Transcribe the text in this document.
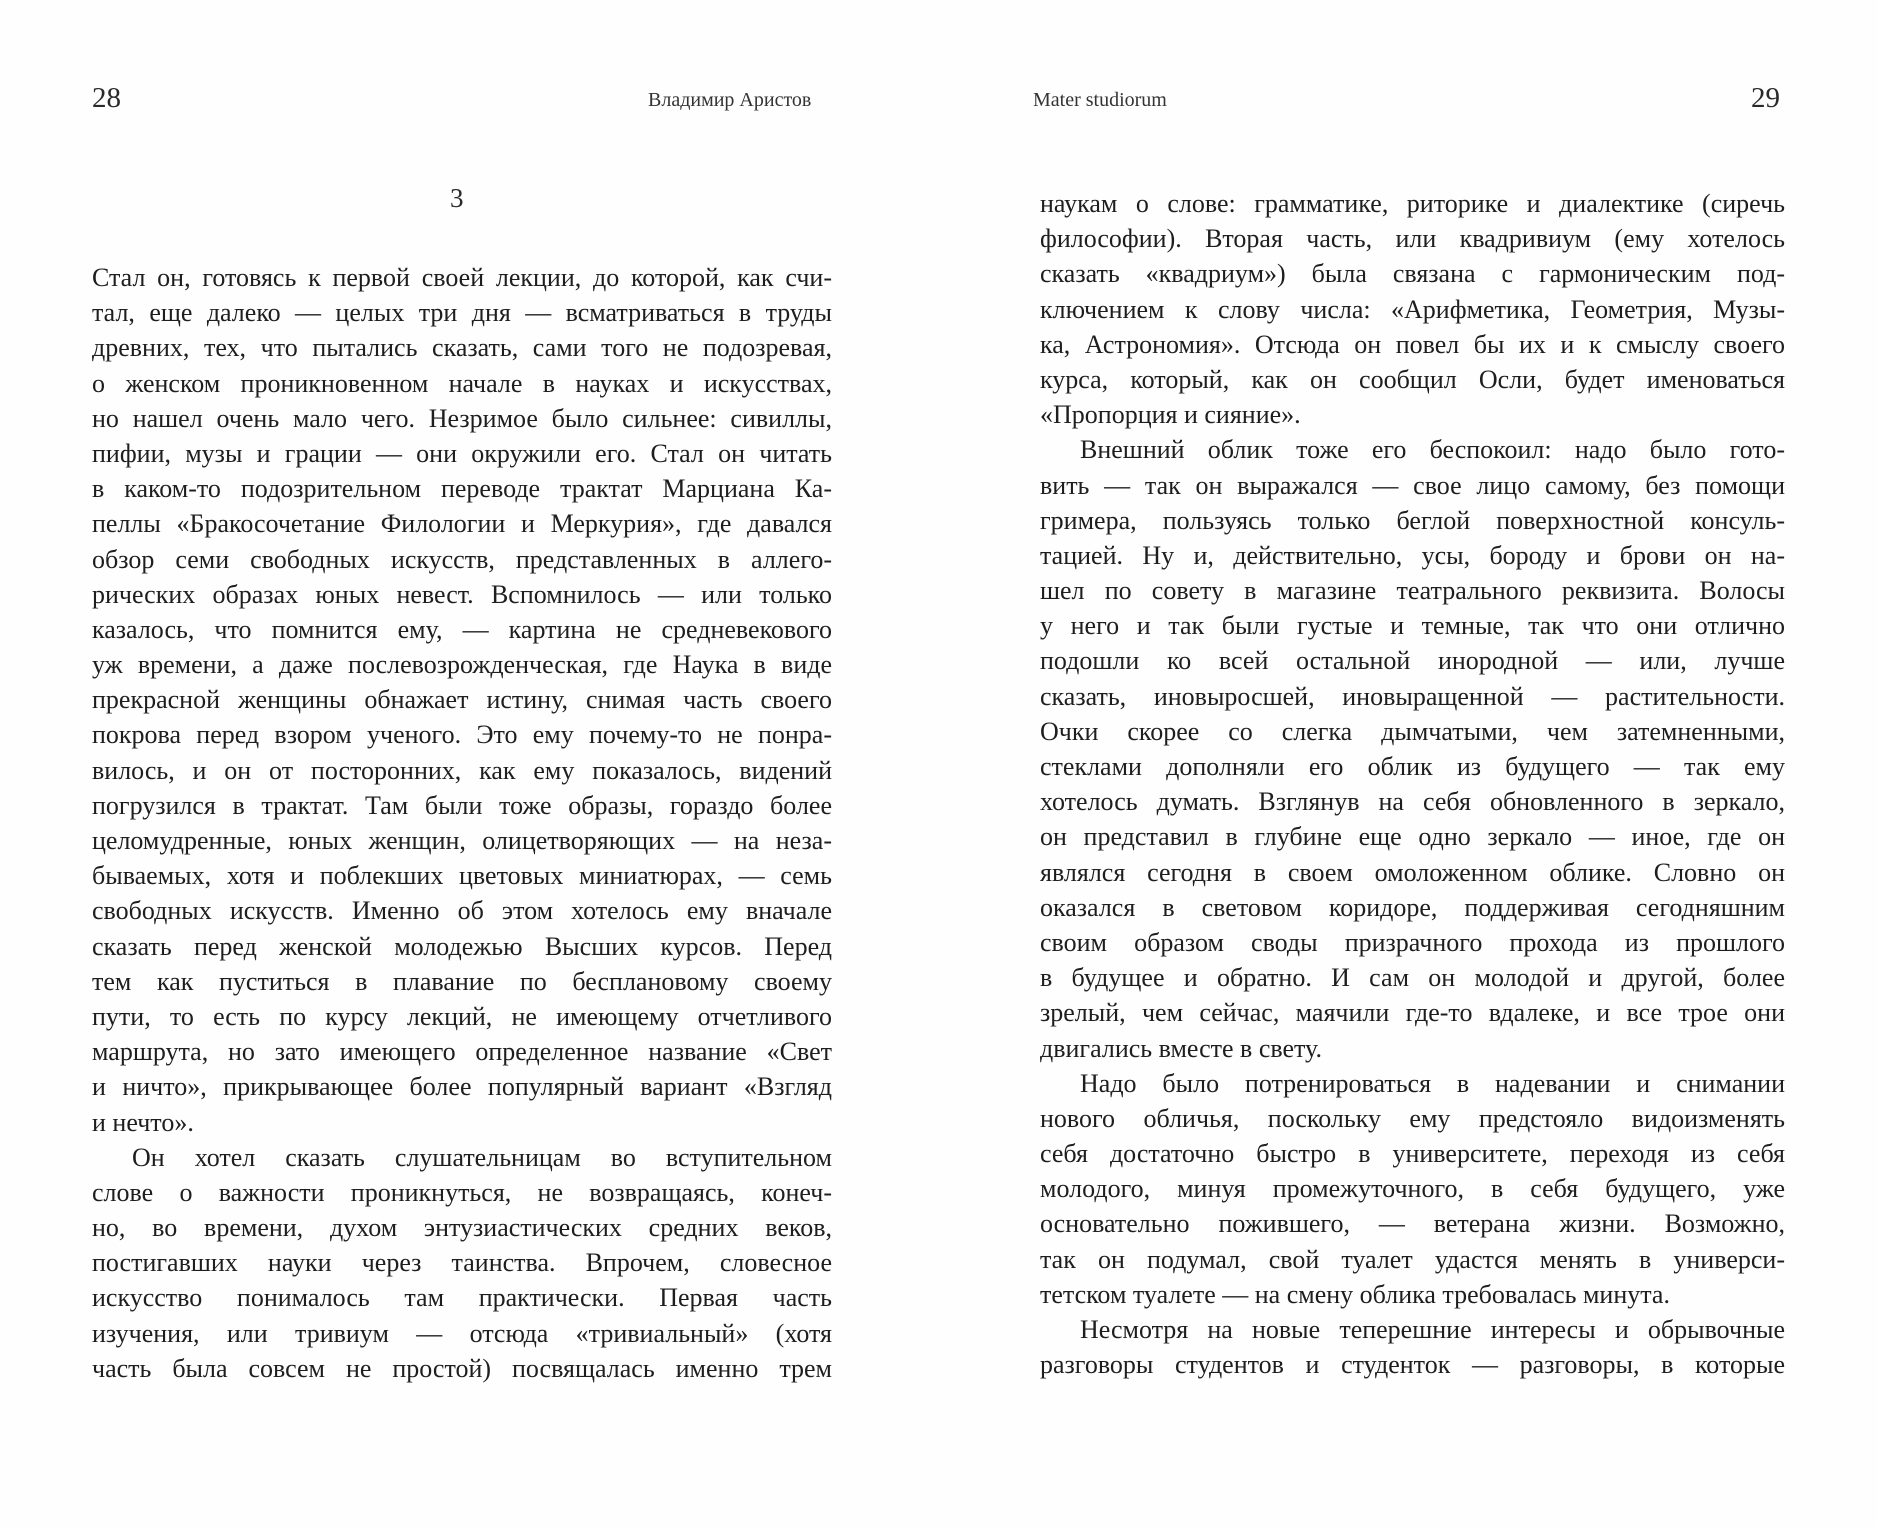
28	Владимир Аристов
3
Стал он, готовясь к первой своей лекции, до которой, как счи-
тал, еще далеко — целых три дня — всматриваться в труды
древних, тех, что пытались сказать, сами того не подозревая,
о женском проникновенном начале в науках и искусствах,
но нашел очень мало чего. Незримое было сильнее: сивиллы,
пифии, музы и грации — они окружили его. Стал он читать
в каком-то подозрительном переводе трактат Марциана Ка-
пеллы «Бракосочетание Филологии и Меркурия», где давался
обзор семи свободных искусств, представленных в аллего-
рических образах юных невест. Вспомнилось — или только
казалось, что помнится ему, — картина не средневекового
уж времени, а даже послевозрожденческая, где Наука в виде
прекрасной женщины обнажает истину, снимая часть своего
покрова перед взором ученого. Это ему почему-то не понра-
вилось, и он от посторонних, как ему показалось, видений
погрузился в трактат. Там были тоже образы, гораздо более
целомудренные, юных женщин, олицетворяющих — на неза-
бываемых, хотя и поблекших цветовых миниатюрах, — семь
свободных искусств. Именно об этом хотелось ему вначале
сказать перед женской молодежью Высших курсов. Перед
тем как пуститься в плавание по бесплановому своему
пути, то есть по курсу лекций, не имеющему отчетливого
маршрута, но зато имеющего определенное название «Свет
и ничто», прикрывающее более популярный вариант «Взгляд
и нечто».
Он хотел сказать слушательницам во вступительном
слове о важности проникнуться, не возвращаясь, конеч-
но, во времени, духом энтузиастических средних веков,
постигавших науки через таинства. Впрочем, словесное
искусство понималось там практически. Первая часть
изучения, или тривиум — отсюда «тривиальный» (хотя
часть была совсем не простой) посвящалась именно трем
Mater studiorum	29
наукам о слове: грамматике, риторике и диалектике (сиречь
философии). Вторая часть, или квадривиум (ему хотелось
сказать «квадриум») была связана с гармоническим под-
ключением к слову числа: «Арифметика, Геометрия, Музы-
ка, Астрономия». Отсюда он повел бы их и к смыслу своего
курса, который, как он сообщил Осли, будет именоваться
«Пропорция и сияние».
Внешний облик тоже его беспокоил: надо было гото-
вить — так он выражался — свое лицо самому, без помощи
гримера, пользуясь только беглой поверхностной консуль-
тацией. Ну и, действительно, усы, бороду и брови он на-
шел по совету в магазине театрального реквизита. Волосы
у него и так были густые и темные, так что они отлично
подошли ко всей остальной инородной — или, лучше
сказать, иновыросшей, иновыращенной — растительности.
Очки скорее со слегка дымчатыми, чем затемненными,
стеклами дополняли его облик из будущего — так ему
хотелось думать. Взглянув на себя обновленного в зеркало,
он представил в глубине еще одно зеркало — иное, где он
являлся сегодня в своем омоложенном облике. Словно он
оказался в световом коридоре, поддерживая сегодняшним
своим образом своды призрачного прохода из прошлого
в будущее и обратно. И сам он молодой и другой, более
зрелый, чем сейчас, маячили где-то вдалеке, и все трое они
двигались вместе в свету.
Надо было потренироваться в надевании и снимании
нового обличья, поскольку ему предстояло видоизменять
себя достаточно быстро в университете, переходя из себя
молодого, минуя промежуточного, в себя будущего, уже
основательно пожившего, — ветерана жизни. Возможно,
так он подумал, свой туалет удастся менять в универси-
тетском туалете — на смену облика требовалась минута.
Несмотря на новые теперешние интересы и обрывочные
разговоры студентов и студенток — разговоры, в которые
